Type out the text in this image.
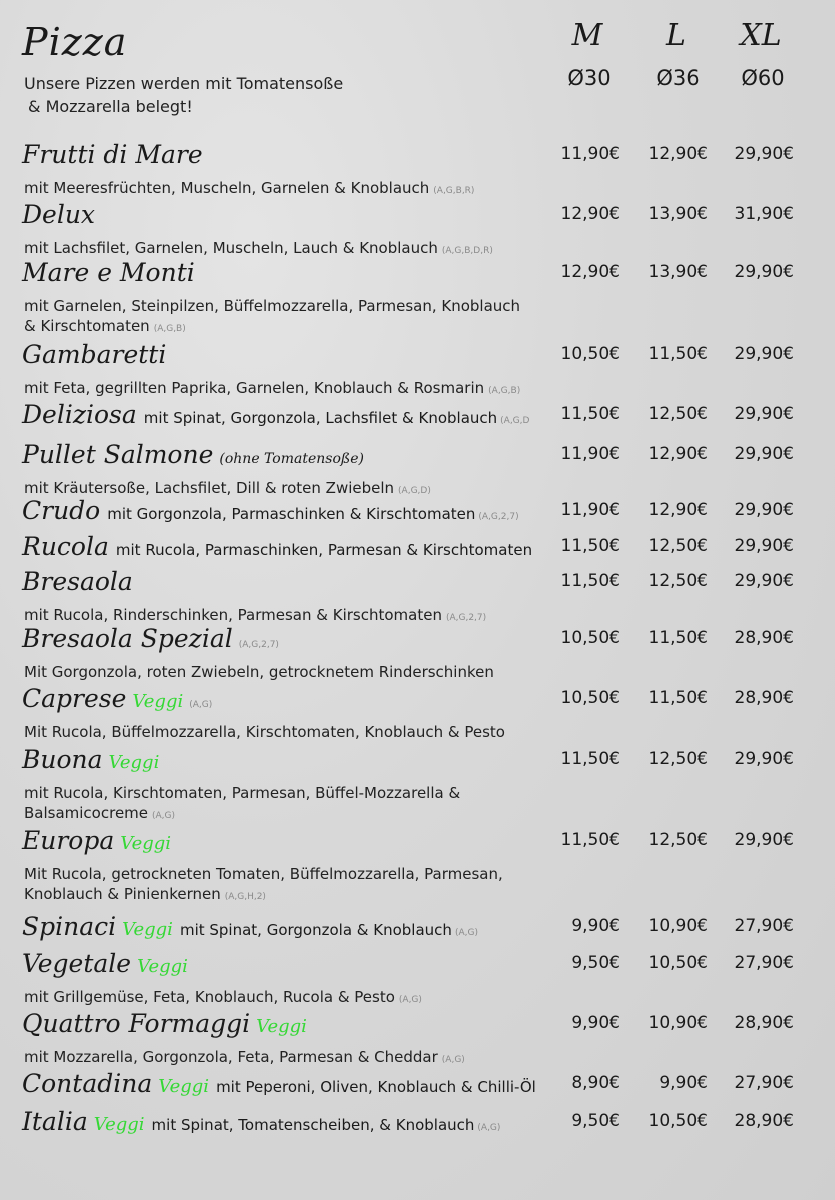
Pizza
Unsere Pizzen werden mit Tomatensoße
& Mozzarella belegt!
M	L	XL
Ø30	Ø36	Ø60
Frutti di Mare
mit Meeresfrüchten, Muscheln, Garnelen & Knoblauch (A,G,B,R)
11,90€	12,90€	29,90€
Delux
mit Lachsfilet, Garnelen, Muscheln, Lauch & Knoblauch (A,G,B,D,R)
12,90€	13,90€	31,90€
Mare e Monti
mit Garnelen, Steinpilzen, Büffelmozzarella, Parmesan, Knoblauch
& Kirschtomaten (A,G,B)
12,90€	13,90€	29,90€
Gambaretti
mit Feta, gegrillten Paprika, Garnelen, Knoblauch & Rosmarin (A,G,B)
10,50€	11,50€	29,90€
Deliziosa mit Spinat, Gorgonzola, Lachsfilet & Knoblauch (A,G,D	11,50€	12,50€	29,90€
Pullet Salmone (ohne Tomatensoße)
mit Kräutersoße, Lachsfilet, Dill & roten Zwiebeln (A,G,D)
11,90€	12,90€	29,90€
Crudo mit Gorgonzola, Parmaschinken & Kirschtomaten (A,G,2,7)	11,90€	12,90€	29,90€
Rucola mit Rucola, Parmaschinken, Parmesan & Kirschtomaten	11,50€	12,50€	29,90€
Bresaola
mit Rucola, Rinderschinken, Parmesan & Kirschtomaten (A,G,2,7)
11,50€	12,50€	29,90€
Bresaola Spezial (A,G,2,7)
Mit Gorgonzola, roten Zwiebeln, getrocknetem Rinderschinken
10,50€	11,50€	28,90€
Caprese Veggi (A,G)
Mit Rucola, Büffelmozzarella, Kirschtomaten, Knoblauch & Pesto
10,50€	11,50€	28,90€
Buona Veggi
mit Rucola, Kirschtomaten, Parmesan, Büffel-Mozzarella &
Balsamicocreme (A,G)
11,50€	12,50€	29,90€
Europa Veggi
Mit Rucola, getrockneten Tomaten, Büffelmozzarella, Parmesan,
Knoblauch & Pinienkernen (A,G,H,2)
11,50€	12,50€	29,90€
Spinaci Veggi mit Spinat, Gorgonzola & Knoblauch (A,G)	9,90€	10,90€	27,90€
Vegetale Veggi
mit Grillgemüse, Feta, Knoblauch, Rucola & Pesto (A,G)
9,50€	10,50€	27,90€
Quattro Formaggi Veggi
mit Mozzarella, Gorgonzola, Feta, Parmesan & Cheddar (A,G)
9,90€	10,90€	28,90€
Contadina Veggi mit Peperoni, Oliven, Knoblauch & Chilli-Öl	8,90€	9,90€	27,90€
Italia Veggi mit Spinat, Tomatenscheiben, & Knoblauch (A,G)	9,50€	10,50€	28,90€
